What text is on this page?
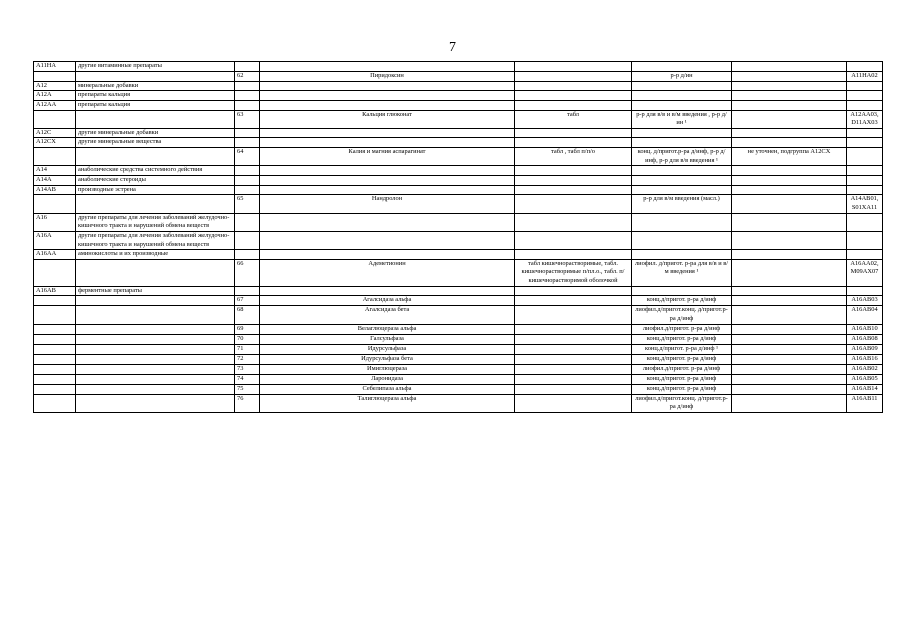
7
A11HA	другие витаминные препараты						
		62	Пиридоксин		р-р д/ин		A11HA02
A12	минеральные добавки						
A12A	препараты кальция						
A12AA	препараты кальция						
		63	Кальция глюконат	табл	р-р для в/в и в/м введения , р-р д/ин ¹		A12AA03, D11AX03
A12C	другие минеральные добавки						
A12CX	другие минеральные вещества						
		64	Калия и магния аспарагинат	табл , табл п/п/о	конц. д/пригот.р-ра д/инф, р-р д/инф, р-р для в/в введения ¹	не уточнен, подгруппа A12CX	
A14	анаболические средства системного действия						
A14A	анаболические стероиды						
A14AB	производные эстрена						
		65	Нандролон		р-р для в/м введения (масл.)		A14AB01, S01XA11
A16	другие препараты для лечения заболеваний желудочно-кишечного тракта и нарушений обмена веществ						
A16A	другие препараты для лечения заболеваний желудочно-кишечного тракта и нарушений обмена веществ						
A16AA	аминокислоты и их производные						
		66	Адеметионин	табл кишечнорастворимые, табл. кишечнорастворимые п/пл.о., табл. п/кишечнорастворимой оболочкой	лиофил. д/пригот. р-ра для в/в и в/м введения ¹		A16AA02, M09AX07
A16AB	ферментные препараты						
		67	Агалсидаза альфа		конц.д/пригот. р-ра д/инф		A16AB03
		68	Агалсидаза бета		лиофил.д/пригот.конц. д/пригот.р-ра д/инф		A16AB04
		69	Велаглюцераза альфа		лиофил.д/пригот. р-ра д/инф		A16AB10
		70	Галсульфаза		конц.д/пригот. р-ра д/инф		A16AB08
		71	Идурсульфаза		конц.д/пригот. р-ра д/инф ¹		A16AB09
		72	Идурсульфаза бета		конц.д/пригот. р-ра д/инф		A16AB16
		73	Имиглюцераза		лиофил.д/пригот. р-ра д/инф		A16AB02
		74	Ларонидаза		конц.д/пригот. р-ра д/инф		A16AB05
		75	Себелипаза альфа		конц.д/пригот. р-ра д/инф		A16AB14
		76	Талиглюцераза альфа		лиофил.д/пригот.конц. д/пригот.р-ра д/инф		A16AB11
